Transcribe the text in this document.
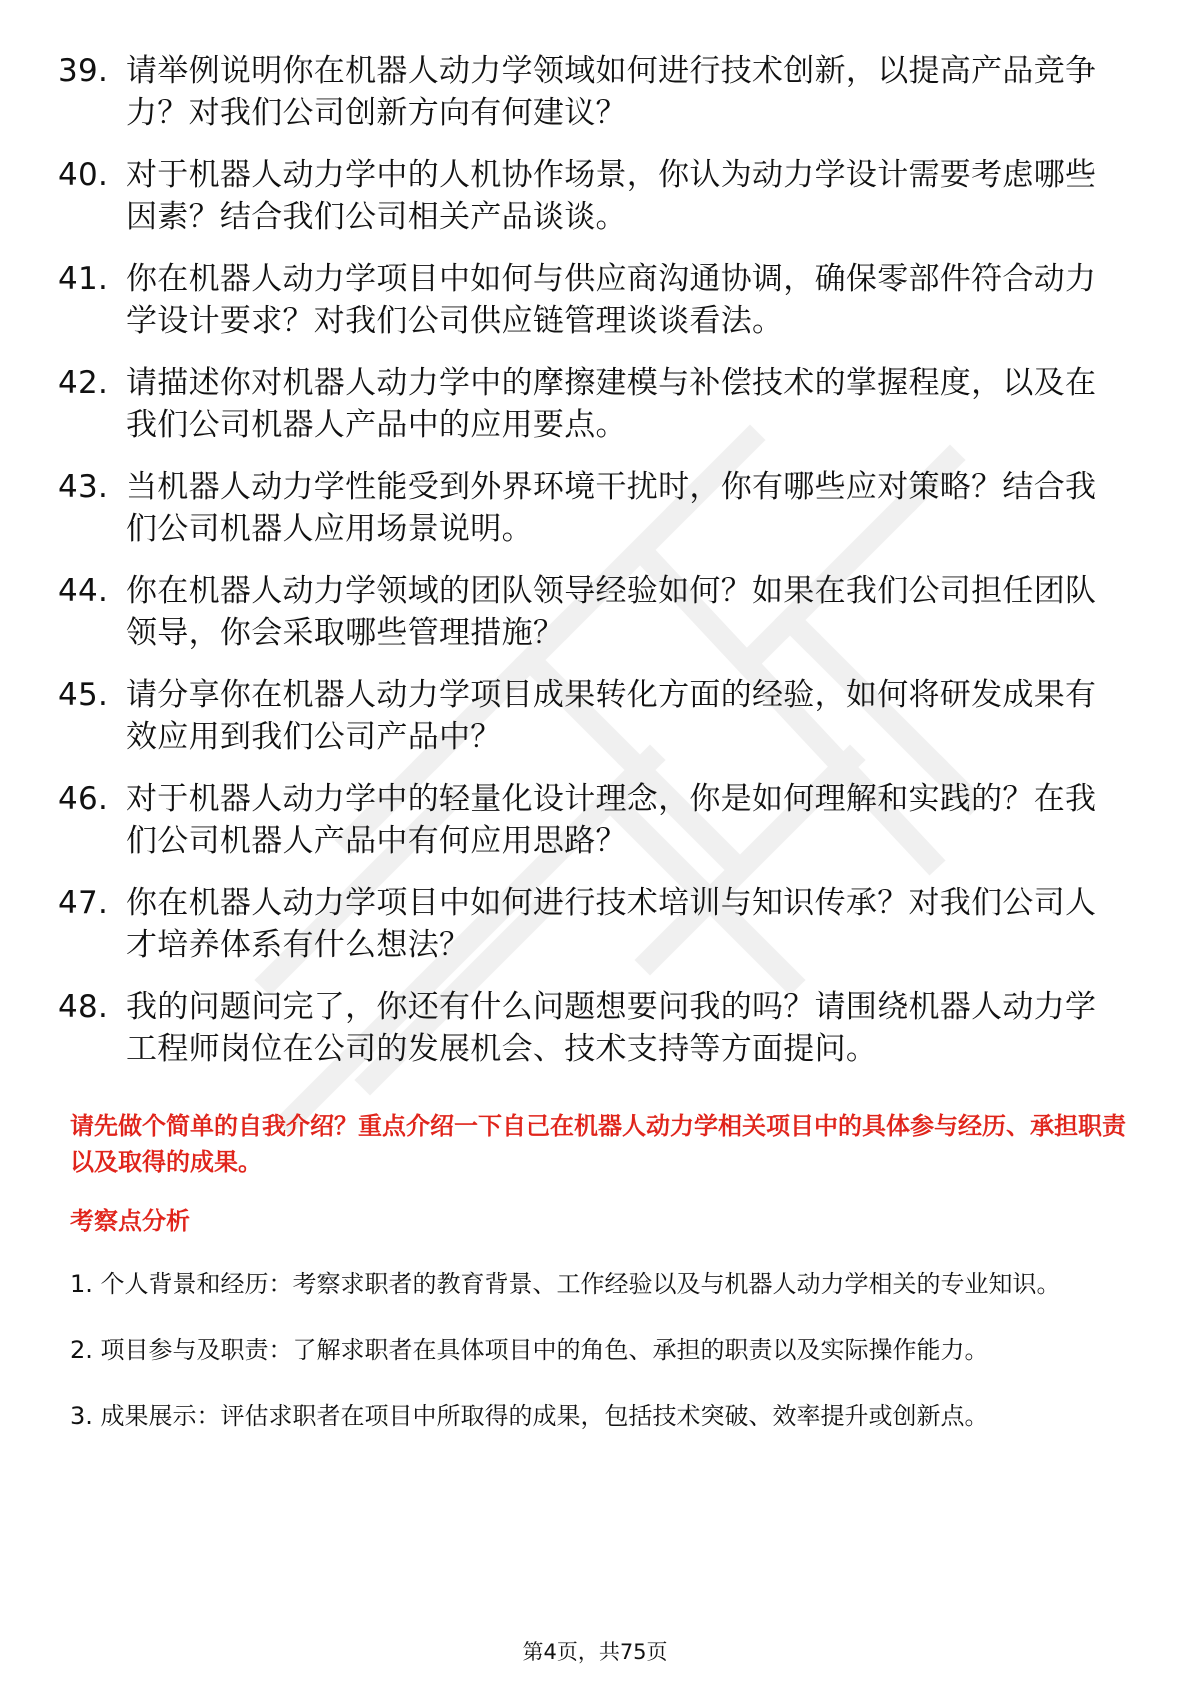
39. 请举例说明你在机器人动力学领域如何进行技术创新，以提高产品竞争力？对我们公司创新方向有何建议？
40. 对于机器人动力学中的人机协作场景，你认为动力学设计需要考虑哪些因素？结合我们公司相关产品谈谈。
41. 你在机器人动力学项目中如何与供应商沟通协调，确保零部件符合动力学设计要求？对我们公司供应链管理谈谈看法。
42. 请描述你对机器人动力学中的摩擦建模与补偿技术的掌握程度，以及在我们公司机器人产品中的应用要点。
43. 当机器人动力学性能受到外界环境干扰时，你有哪些应对策略？结合我们公司机器人应用场景说明。
44. 你在机器人动力学领域的团队领导经验如何？如果在我们公司担任团队领导，你会采取哪些管理措施？
45. 请分享你在机器人动力学项目成果转化方面的经验，如何将研发成果有效应用到我们公司产品中？
46. 对于机器人动力学中的轻量化设计理念，你是如何理解和实践的？在我们公司机器人产品中有何应用思路？
47. 你在机器人动力学项目中如何进行技术培训与知识传承？对我们公司人才培养体系有什么想法？
48. 我的问题问完了，你还有什么问题想要问我的吗？请围绕机器人动力学工程师岗位在公司的发展机会、技术支持等方面提问。
请先做个简单的自我介绍？重点介绍一下自己在机器人动力学相关项目中的具体参与经历、承担职责以及取得的成果。
考察点分析
1. 个人背景和经历：考察求职者的教育背景、工作经验以及与机器人动力学相关的专业知识。
2. 项目参与及职责：了解求职者在具体项目中的角色、承担的职责以及实际操作能力。
3. 成果展示：评估求职者在项目中所取得的成果，包括技术突破、效率提升或创新点。
第4页，共75页
